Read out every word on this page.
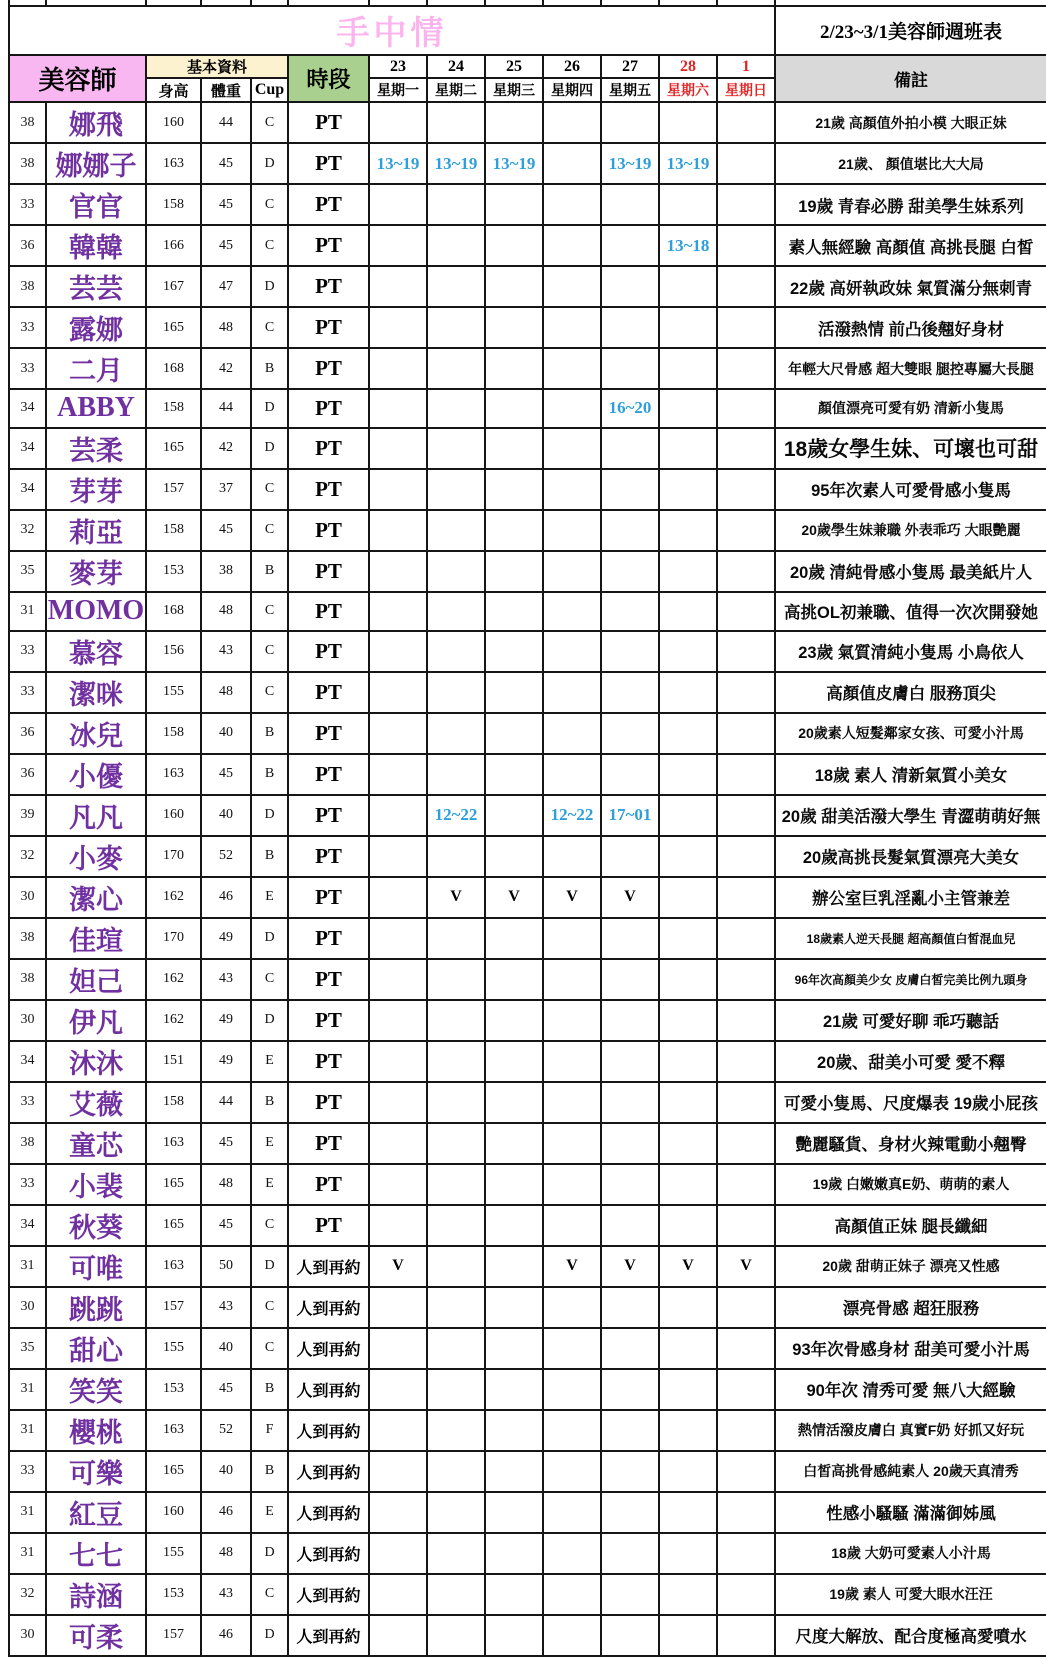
手中情													2/23~3/1美容師週班表
美容師		基本資料			時段	23	24	25	26	27	28	1	備註
		身高	體重	Cup		星期一	星期二	星期三	星期四	星期五	星期六	星期日	
38	娜飛	160	44	C	PT								21歲 高顏值外拍小模 大眼正妹
38	娜娜子	163	45	D	PT	13~19	13~19	13~19		13~19	13~19		21歲、 顏值堪比大大局
33	官官	158	45	C	PT								19歲 青春必勝 甜美學生妹系列
36	韓韓	166	45	C	PT						13~18		素人無經驗 高顏值 高挑長腿 白皙
38	芸芸	167	47	D	PT								22歲 高妍執政妹 氣質滿分無刺青
33	露娜	165	48	C	PT								活潑熱情 前凸後翹好身材
33	二月	168	42	B	PT								年輕大尺骨感 超大雙眼 腿控專屬大長腿
34	ABBY	158	44	D	PT					16~20			顏值漂亮可愛有奶 清新小隻馬
34	芸柔	165	42	D	PT								18歲女學生妹、可壞也可甜
34	芽芽	157	37	C	PT								95年次素人可愛骨感小隻馬
32	莉亞	158	45	C	PT								20歲學生妹兼職 外表乖巧 大眼艷麗
35	麥芽	153	38	B	PT								20歲 清純骨感小隻馬 最美紙片人
31	MOMO	168	48	C	PT								高挑OL初兼職、值得一次次開發她
33	慕容	156	43	C	PT								23歲 氣質清純小隻馬 小鳥依人
33	潔咪	155	48	C	PT								高顏值皮膚白 服務頂尖
36	冰兒	158	40	B	PT								20歲素人短髮鄰家女孩、可愛小汁馬
36	小優	163	45	B	PT								18歲 素人 清新氣質小美女
39	凡凡	160	40	D	PT		12~22		12~22	17~01			20歲 甜美活潑大學生 青澀萌萌好無
32	小麥	170	52	B	PT								20歲高挑長髮氣質漂亮大美女
30	潔心	162	46	E	PT		V	V	V	V			辦公室巨乳淫亂小主管兼差
38	佳瑄	170	49	D	PT								18歲素人逆天長腿 超高顏值白皙混血兒
38	妲己	162	43	C	PT								96年次高顏美少女 皮膚白皙完美比例九頭身
30	伊凡	162	49	D	PT								21歲 可愛好聊 乖巧聽話
34	沐沐	151	49	E	PT								20歲、甜美小可愛 愛不釋
33	艾薇	158	44	B	PT								可愛小隻馬、尺度爆表 19歲小屁孩
38	童芯	163	45	E	PT								艷麗騷貨、身材火辣電動小翹臀
33	小裴	165	48	E	PT								19歲 白嫩嫩真E奶、萌萌的素人
34	秋葵	165	45	C	PT								高顏值正妹 腿長纖細
31	可唯	163	50	D	人到再約	V			V	V	V	V	20歲 甜萌正妹子 漂亮又性感
30	跳跳	157	43	C	人到再約								漂亮骨感 超狂服務
35	甜心	155	40	C	人到再約								93年次骨感身材 甜美可愛小汁馬
31	笑笑	153	45	B	人到再約								90年次 清秀可愛 無八大經驗
31	櫻桃	163	52	F	人到再約								熱情活潑皮膚白 真實F奶 好抓又好玩
33	可樂	165	40	B	人到再約								白皙高挑骨感純素人 20歲天真清秀
31	紅豆	160	46	E	人到再約								性感小騷騷 滿滿御姊風
31	七七	155	48	D	人到再約								18歲 大奶可愛素人小汁馬
32	詩涵	153	43	C	人到再約								19歲 素人 可愛大眼水汪汪
30	可柔	157	46	D	人到再約								尺度大解放、配合度極高愛噴水
